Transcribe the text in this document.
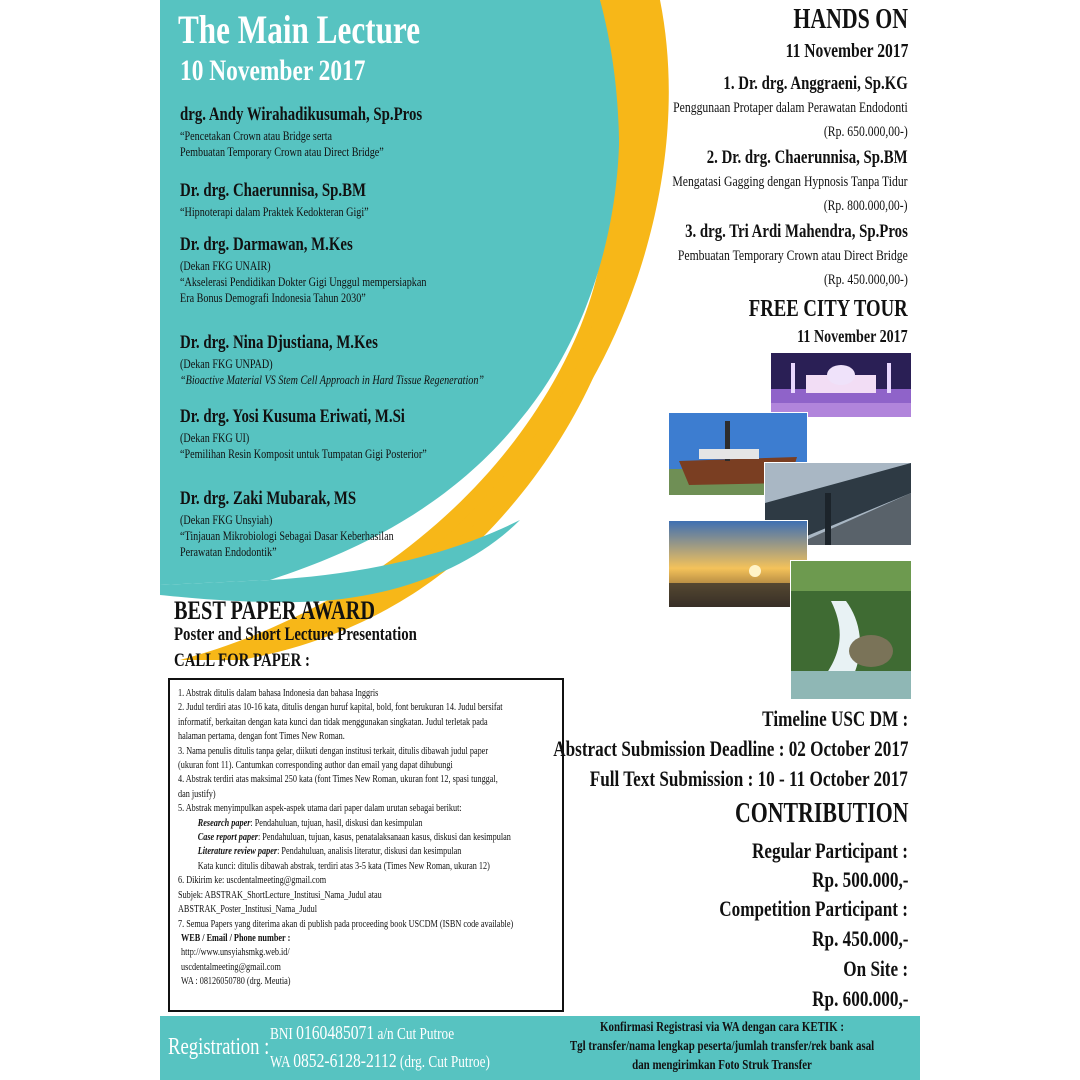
The Main Lecture
10 November 2017
drg. Andy Wirahadikusumah, Sp.Pros
“Pencetakan Crown atau Bridge serta
Pembuatan Temporary Crown atau Direct Bridge”
Dr. drg. Chaerunnisa, Sp.BM
“Hipnoterapi dalam Praktek Kedokteran Gigi”
Dr. drg. Darmawan, M.Kes
(Dekan FKG UNAIR)
“Akselerasi Pendidikan Dokter Gigi Unggul mempersiapkan
Era Bonus Demografi Indonesia Tahun 2030”
Dr. drg. Nina Djustiana, M.Kes
(Dekan FKG UNPAD)
“Bioactive Material VS Stem Cell Approach in Hard Tissue Regeneration”
Dr. drg. Yosi Kusuma Eriwati, M.Si
(Dekan FKG UI)
“Pemilihan Resin Komposit untuk Tumpatan Gigi Posterior”
Dr. drg. Zaki Mubarak, MS
(Dekan FKG Unsyiah)
“Tinjauan Mikrobiologi Sebagai Dasar Keberhasilan
Perawatan Endodontik”
HANDS ON
11 November 2017
1. Dr. drg. Anggraeni, Sp.KG
Penggunaan Protaper dalam Perawatan Endodonti
(Rp. 650.000,00-)
2. Dr. drg. Chaerunnisa, Sp.BM
Mengatasi Gagging dengan Hypnosis Tanpa Tidur
(Rp. 800.000,00-)
3. drg. Tri Ardi Mahendra, Sp.Pros
Pembuatan Temporary Crown atau Direct Bridge
(Rp. 450.000,00-)
FREE CITY TOUR
11 November 2017
BEST PAPER AWARD
Poster and Short Lecture Presentation
CALL FOR PAPER :
1. Abstrak ditulis dalam bahasa Indonesia dan bahasa Inggris
2. Judul terdiri atas 10-16 kata, ditulis dengan huruf kapital, bold, font berukuran 14. Judul bersifat
informatif, berkaitan dengan kata kunci dan tidak menggunakan singkatan. Judul terletak pada
halaman pertama, dengan font Times New Roman.
3. Nama penulis ditulis tanpa gelar, diikuti dengan institusi terkait, ditulis dibawah judul paper
(ukuran font 11). Cantumkan corresponding author dan email yang dapat dihubungi
4. Abstrak terdiri atas maksimal 250 kata (font Times New Roman, ukuran font 12, spasi tunggal,
dan justify)
5. Abstrak menyimpulkan aspek-aspek utama dari paper dalam urutan sebagai berikut:
Research paper: Pendahuluan, tujuan, hasil, diskusi dan kesimpulan
Case report paper: Pendahuluan, tujuan, kasus, penatalaksanaan kasus, diskusi dan kesimpulan
Literature review paper: Pendahuluan, analisis literatur, diskusi dan kesimpulan
Kata kunci: ditulis dibawah abstrak, terdiri atas 3-5 kata (Times New Roman, ukuran 12)
6. Dikirim ke: uscdentalmeeting@gmail.com
Subjek: ABSTRAK_ShortLecture_Institusi_Nama_Judul atau
ABSTRAK_Poster_Institusi_Nama_Judul
7. Semua Papers yang diterima akan di publish pada proceeding book USCDM (ISBN code available)
WEB / Email / Phone number :
http://www.unsyiahsmkg.web.id/
uscdentalmeeting@gmail.com
WA : 08126050780 (drg. Meutia)
Timeline USC DM :
Abstract Submission Deadline : 02 October 2017
Full Text Submission : 10 - 11 October 2017
CONTRIBUTION
Regular Participant :
Rp. 500.000,-
Competition Participant :
Rp. 450.000,-
On Site :
Rp. 600.000,-
Registration :
BNI 0160485071 a/n Cut Putroe
WA 0852-6128-2112 (drg. Cut Putroe)
Konfirmasi Registrasi via WA dengan cara KETIK :
Tgl transfer/nama lengkap peserta/jumlah transfer/rek bank asal
dan mengirimkan Foto Struk Transfer
